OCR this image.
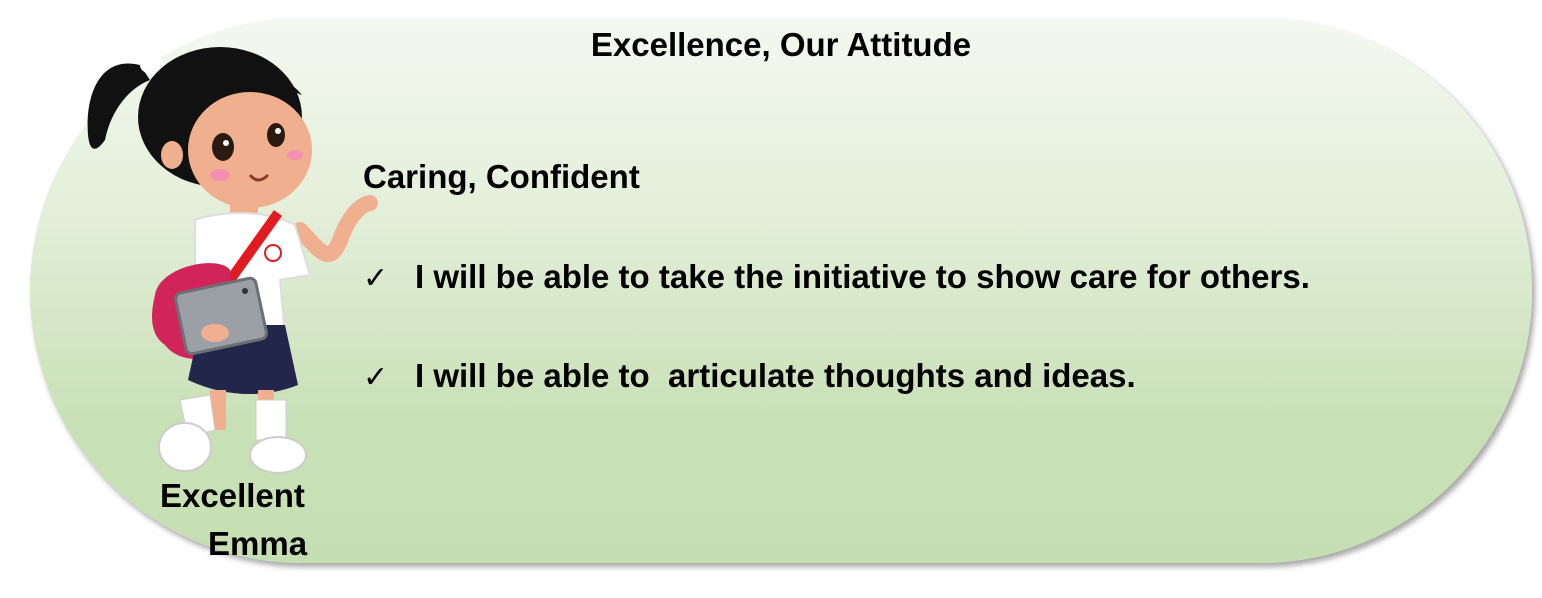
Excellence, Our Attitude
Caring, Confident
✓ I will be able to take the initiative to show care for others.
✓ I will be able to  articulate thoughts and ideas.
Excellent
Emma
